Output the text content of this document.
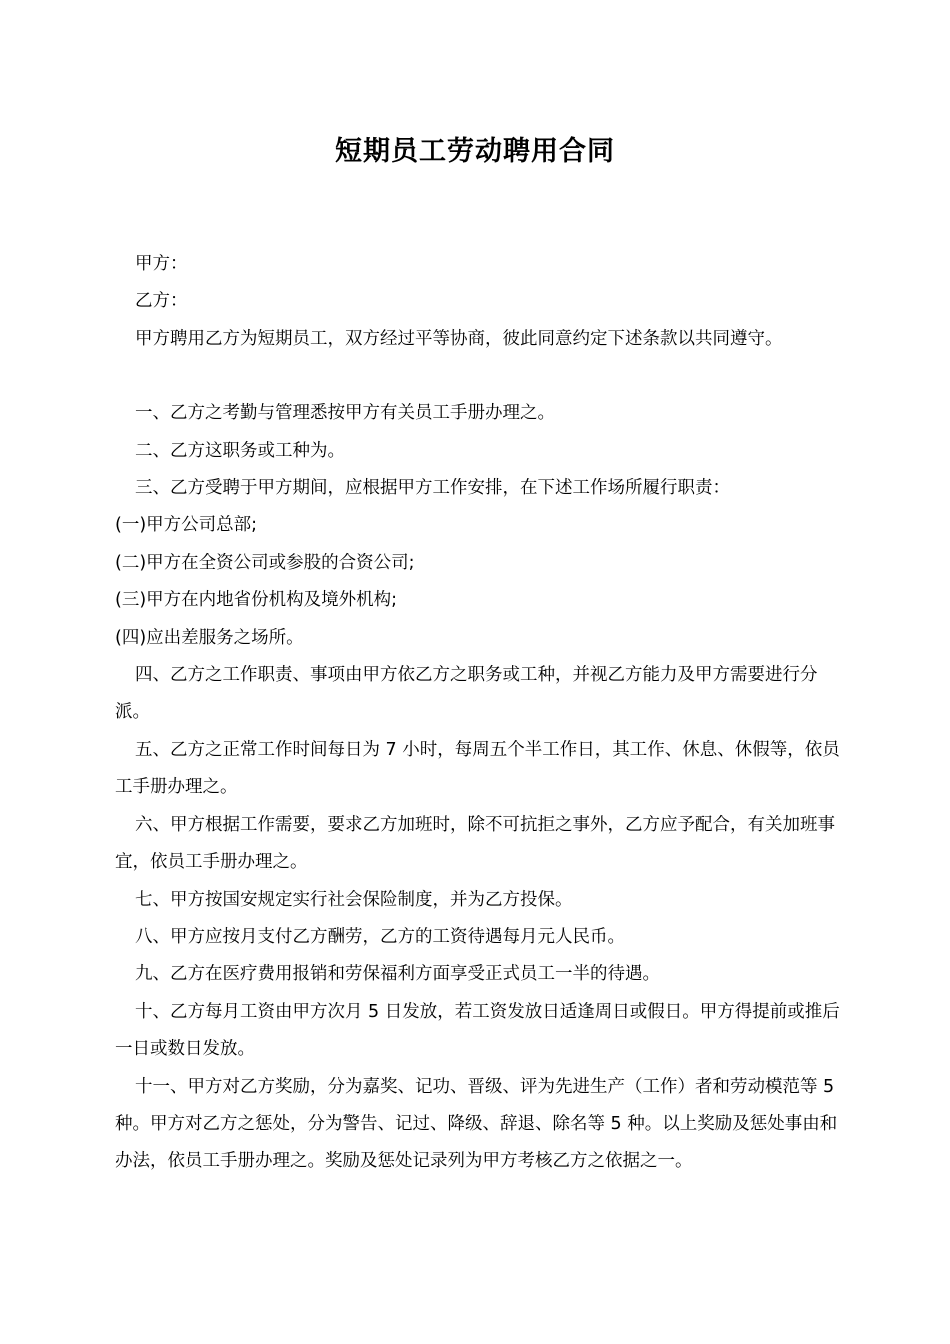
短期员工劳动聘用合同

甲方：

乙方：

甲方聘用乙方为短期员工，双方经过平等协商，彼此同意约定下述条款以共同遵守。

一、乙方之考勤与管理悉按甲方有关员工手册办理之。

二、乙方这职务或工种为。

三、乙方受聘于甲方期间，应根据甲方工作安排，在下述工作场所履行职责：

(一)甲方公司总部;

(二)甲方在全资公司或参股的合资公司;

(三)甲方在内地省份机构及境外机构;

(四)应出差服务之场所。

四、乙方之工作职责、事项由甲方依乙方之职务或工种，并视乙方能力及甲方需要进行分派。

五、乙方之正常工作时间每日为 7 小时，每周五个半工作日，其工作、休息、休假等，依员工手册办理之。

六、甲方根据工作需要，要求乙方加班时，除不可抗拒之事外，乙方应予配合，有关加班事宜，依员工手册办理之。

七、甲方按国安规定实行社会保险制度，并为乙方投保。

八、甲方应按月支付乙方酬劳，乙方的工资待遇每月元人民币。

九、乙方在医疗费用报销和劳保福利方面享受正式员工一半的待遇。

十、乙方每月工资由甲方次月 5 日发放，若工资发放日适逢周日或假日。甲方得提前或推后一日或数日发放。

十一、甲方对乙方奖励，分为嘉奖、记功、晋级、评为先进生产（工作）者和劳动模范等 5 种。甲方对乙方之惩处，分为警告、记过、降级、辞退、除名等 5 种。以上奖励及惩处事由和办法，依员工手册办理之。奖励及惩处记录列为甲方考核乙方之依据之一。
